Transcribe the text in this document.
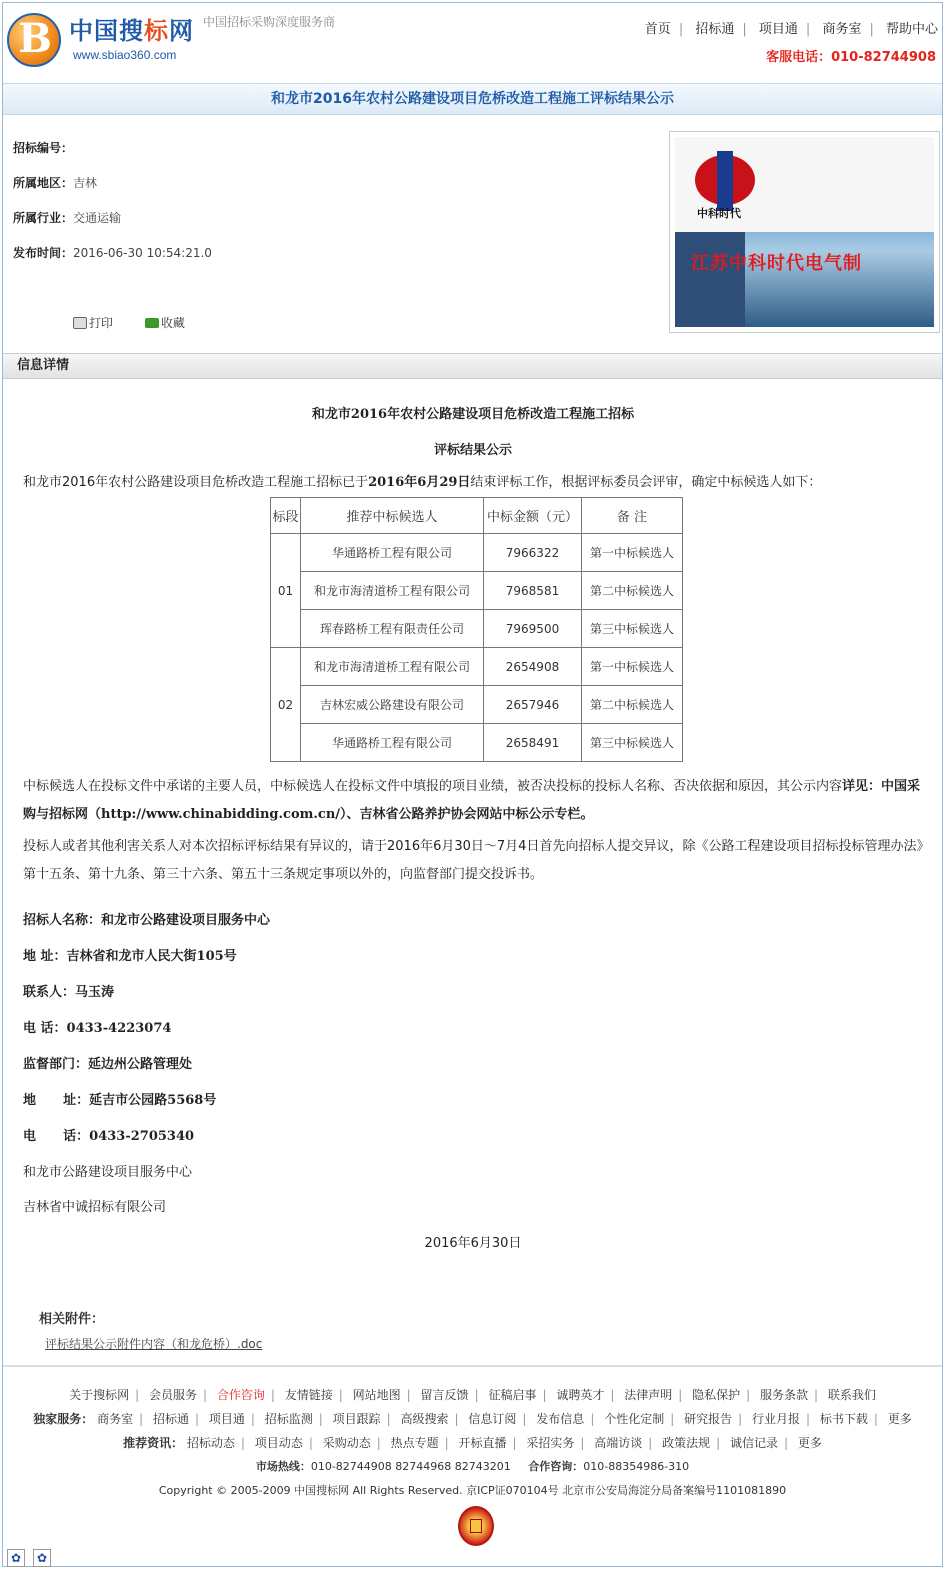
B 中国搜标网
www.sbiao360.com
中国招标采购深度服务商	首页 | 招标通 | 项目通 | 商务室 | 帮助中心
客服电话：010-82744908
和龙市2016年农村公路建设项目危桥改造工程施工评标结果公示
招标编号：
所属地区：吉林
所属行业：交通运输
发布时间：2016-06-30 10:54:21.0
打印	收藏
中科时代
江苏中科时代电气制
信息详情
和龙市2016年农村公路建设项目危桥改造工程施工招标
评标结果公示
和龙市2016年农村公路建设项目危桥改造工程施工招标已于2016年6月29日结束评标工作，根据评标委员会评审，确定中标候选人如下：
标段	推荐中标候选人	中标金额（元）	备 注
01	华通路桥工程有限公司	7966322	第一中标候选人
	和龙市海清道桥工程有限公司	7968581	第二中标候选人
	珲春路桥工程有限责任公司	7969500	第三中标候选人
02	和龙市海清道桥工程有限公司	2654908	第一中标候选人
	吉林宏威公路建设有限公司	2657946	第二中标候选人
	华通路桥工程有限公司	2658491	第三中标候选人
中标候选人在投标文件中承诺的主要人员，中标候选人在投标文件中填报的项目业绩，被否决投标的投标人名称、否决依据和原因，其公示内容详见：中国采购与招标网（http://www.chinabidding.com.cn/）、吉林省公路养护协会网站中标公示专栏。
投标人或者其他利害关系人对本次招标评标结果有异议的，请于2016年6月30日～7月4日首先向招标人提交异议，除《公路工程建设项目招标投标管理办法》第十五条、第十九条、第三十六条、第五十三条规定事项以外的，向监督部门提交投诉书。
招标人名称：和龙市公路建设项目服务中心
地 址：吉林省和龙市人民大街105号
联系人：马玉涛
电 话：0433-4223074
监督部门：延边州公路管理处
地      址：延吉市公园路5568号
电      话：0433-2705340
和龙市公路建设项目服务中心
吉林省中诚招标有限公司
2016年6月30日
相关附件：
评标结果公示附件内容（和龙危桥）.doc
关于搜标网 | 会员服务 | 合作咨询 | 友情链接 | 网站地图 | 留言反馈 | 征稿启事 | 诚聘英才 | 法律声明 | 隐私保护 | 服务条款 | 联系我们
独家服务： 商务室 | 招标通 | 项目通 | 招标监测 | 项目跟踪 | 高级搜索 | 信息订阅 | 发布信息 | 个性化定制 | 研究报告 | 行业月报 | 标书下载 | 更多
推荐资讯： 招标动态 | 项目动态 | 采购动态 | 热点专题 | 开标直播 | 采招实务 | 高端访谈 | 政策法规 | 诚信记录 | 更多
市场热线：010-82744908 82744968 82743201 合作咨询：010-88354986-310
Copyright © 2005-2009 中国搜标网 All Rights Reserved. 京ICP证070104号 北京市公安局海淀分局备案编号1101081890
✿ ✿
